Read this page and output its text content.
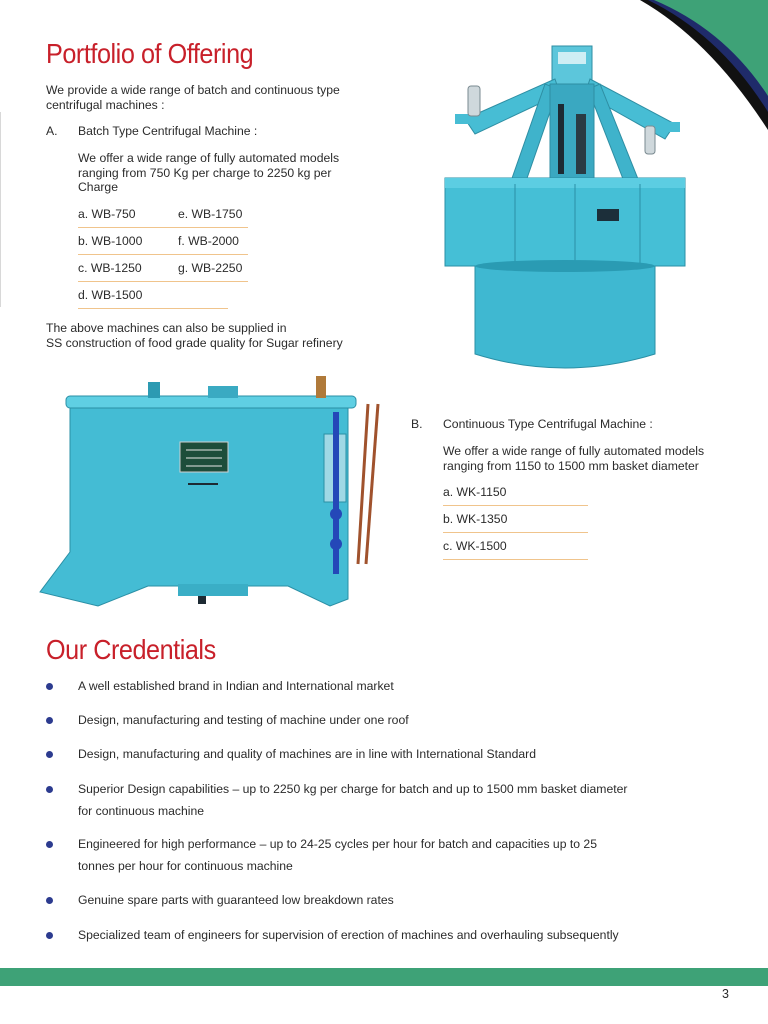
Portfolio of Offering
We provide a wide range of batch and continuous type
centrifugal machines :
A. Batch Type Centrifugal Machine :
We offer a wide range of fully automated models
ranging from 750 Kg per charge to 2250 kg per
Charge
a. WB-750	e. WB-1750
b. WB-1000	f. WB-2000
c. WB-1250	g. WB-2250
d. WB-1500
The above machines can also be supplied in
SS construction of food grade quality for Sugar refinery
B. Continuous Type Centrifugal Machine :
We offer a wide range of fully automated models
ranging from 1150 to 1500 mm basket diameter
a. WK-1150
b. WK-1350
c. WK-1500
Our Credentials
A well established brand in Indian and International market
Design, manufacturing and testing of machine under one roof
Design, manufacturing and quality of machines are in line with International Standard
Superior Design capabilities – up to 2250 kg per charge for batch and up to 1500 mm basket diameter
for continuous machine
Engineered for high performance – up to 24-25 cycles per hour for batch and capacities up to 25
tonnes per hour for continuous machine
Genuine spare parts with guaranteed low breakdown rates
Specialized team of engineers for supervision of erection of machines and overhauling subsequently
3
